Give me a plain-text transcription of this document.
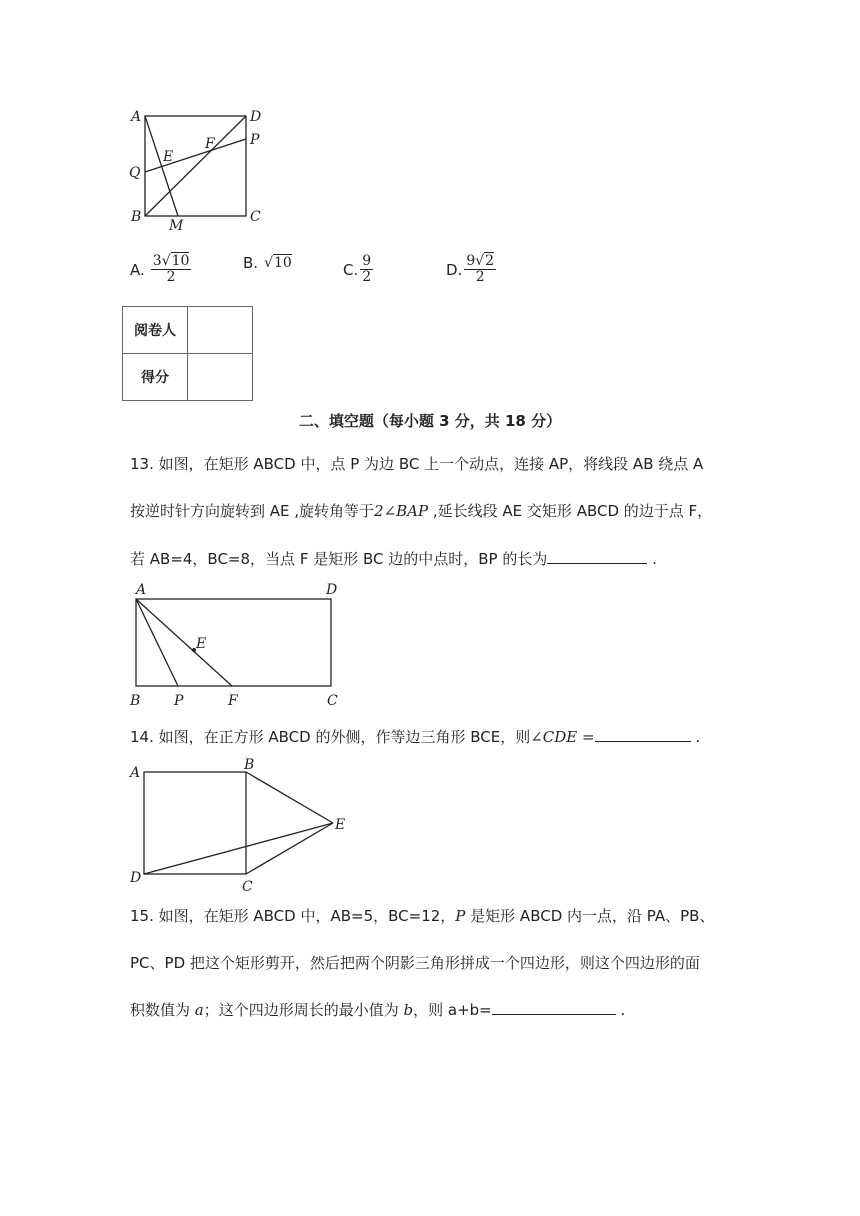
A	D
P
F
E
Q
B
M
C
A. $\frac{3√10}{2}$	B. √10	C. $\frac{9}{2}$	D. $\frac{9√2}{2}$
阅卷人	
得分	
二、填空题（每小题 3 分，共 18 分）
13. 如图，在矩形 ABCD 中，点 P 为边 BC 上一个动点，连接 AP，将线段 AB 绕点 A
按逆时针方向旋转到 AE ,旋转角等于2∠BAP ,延长线段 AE 交矩形 ABCD 的边于点 F，
若 AB=4，BC=8，当点 F 是矩形 BC 边的中点时，BP 的长为	.
A	D
E
B P	F	C
14. 如图，在正方形 ABCD 的外侧，作等边三角形 BCE，则∠CDE =	.
A	B
E
D
C
15. 如图，在矩形 ABCD 中，AB=5，BC=12，P 是矩形 ABCD 内一点，沿 PA、PB、
PC、PD 把这个矩形剪开，然后把两个阴影三角形拼成一个四边形，则这个四边形的面
积数值为 a；这个四边形周长的最小值为 b，则 a+b=	.
